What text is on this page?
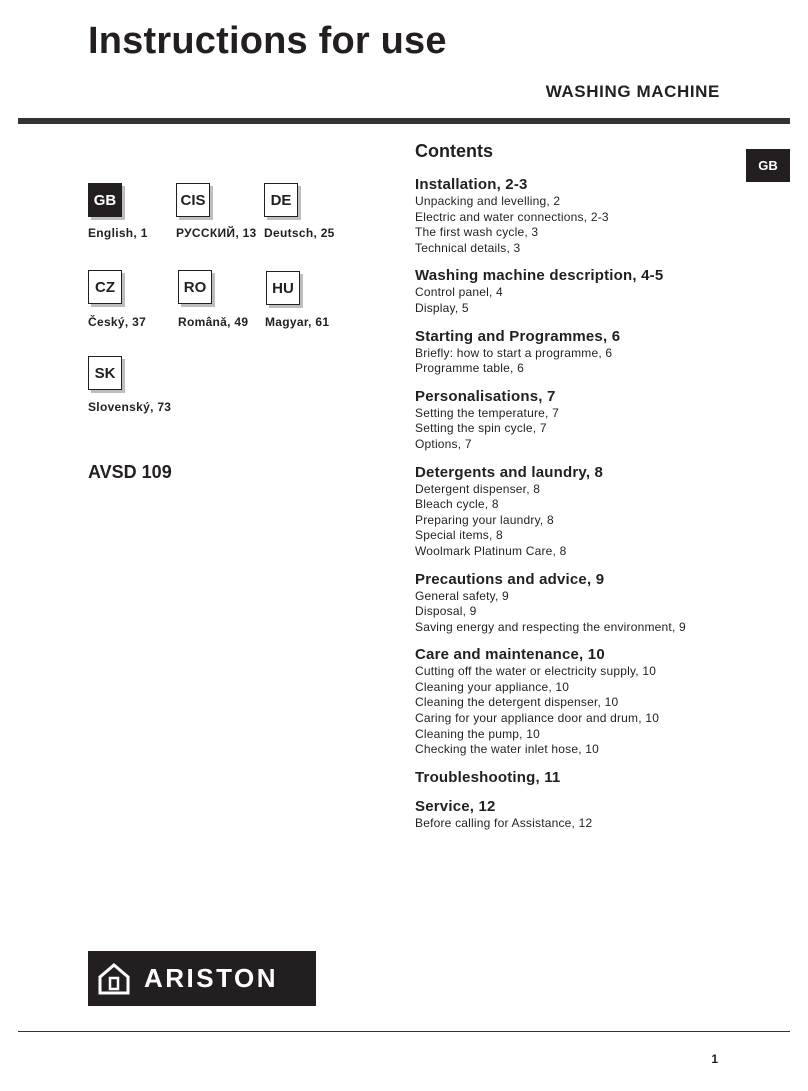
Instructions for use
WASHING MACHINE
GB
GB
English, 1
CIS
РУССКИЙ, 13
DE
Deutsch, 25
CZ
Český, 37
RO
Română, 49
HU
Magyar, 61
SK
Slovenský, 73
AVSD 109
Contents
Installation, 2-3
Unpacking and levelling, 2
Electric and water connections, 2-3
The first wash cycle, 3
Technical details, 3
Washing machine description, 4-5
Control panel, 4
Display, 5
Starting and Programmes, 6
Briefly: how to start a programme, 6
Programme table, 6
Personalisations, 7
Setting the temperature, 7
Setting the spin cycle, 7
Options, 7
Detergents and laundry, 8
Detergent dispenser, 8
Bleach cycle, 8
Preparing your laundry, 8
Special items, 8
Woolmark Platinum Care, 8
Precautions and advice, 9
General safety, 9
Disposal, 9
Saving energy and respecting the environment, 9
Care and maintenance, 10
Cutting off the water or electricity supply, 10
Cleaning your appliance, 10
Cleaning the detergent dispenser, 10
Caring for your appliance door and drum, 10
Cleaning the pump, 10
Checking the water inlet hose, 10
Troubleshooting, 11
Service, 12
Before calling for Assistance, 12
ARISTON
1
